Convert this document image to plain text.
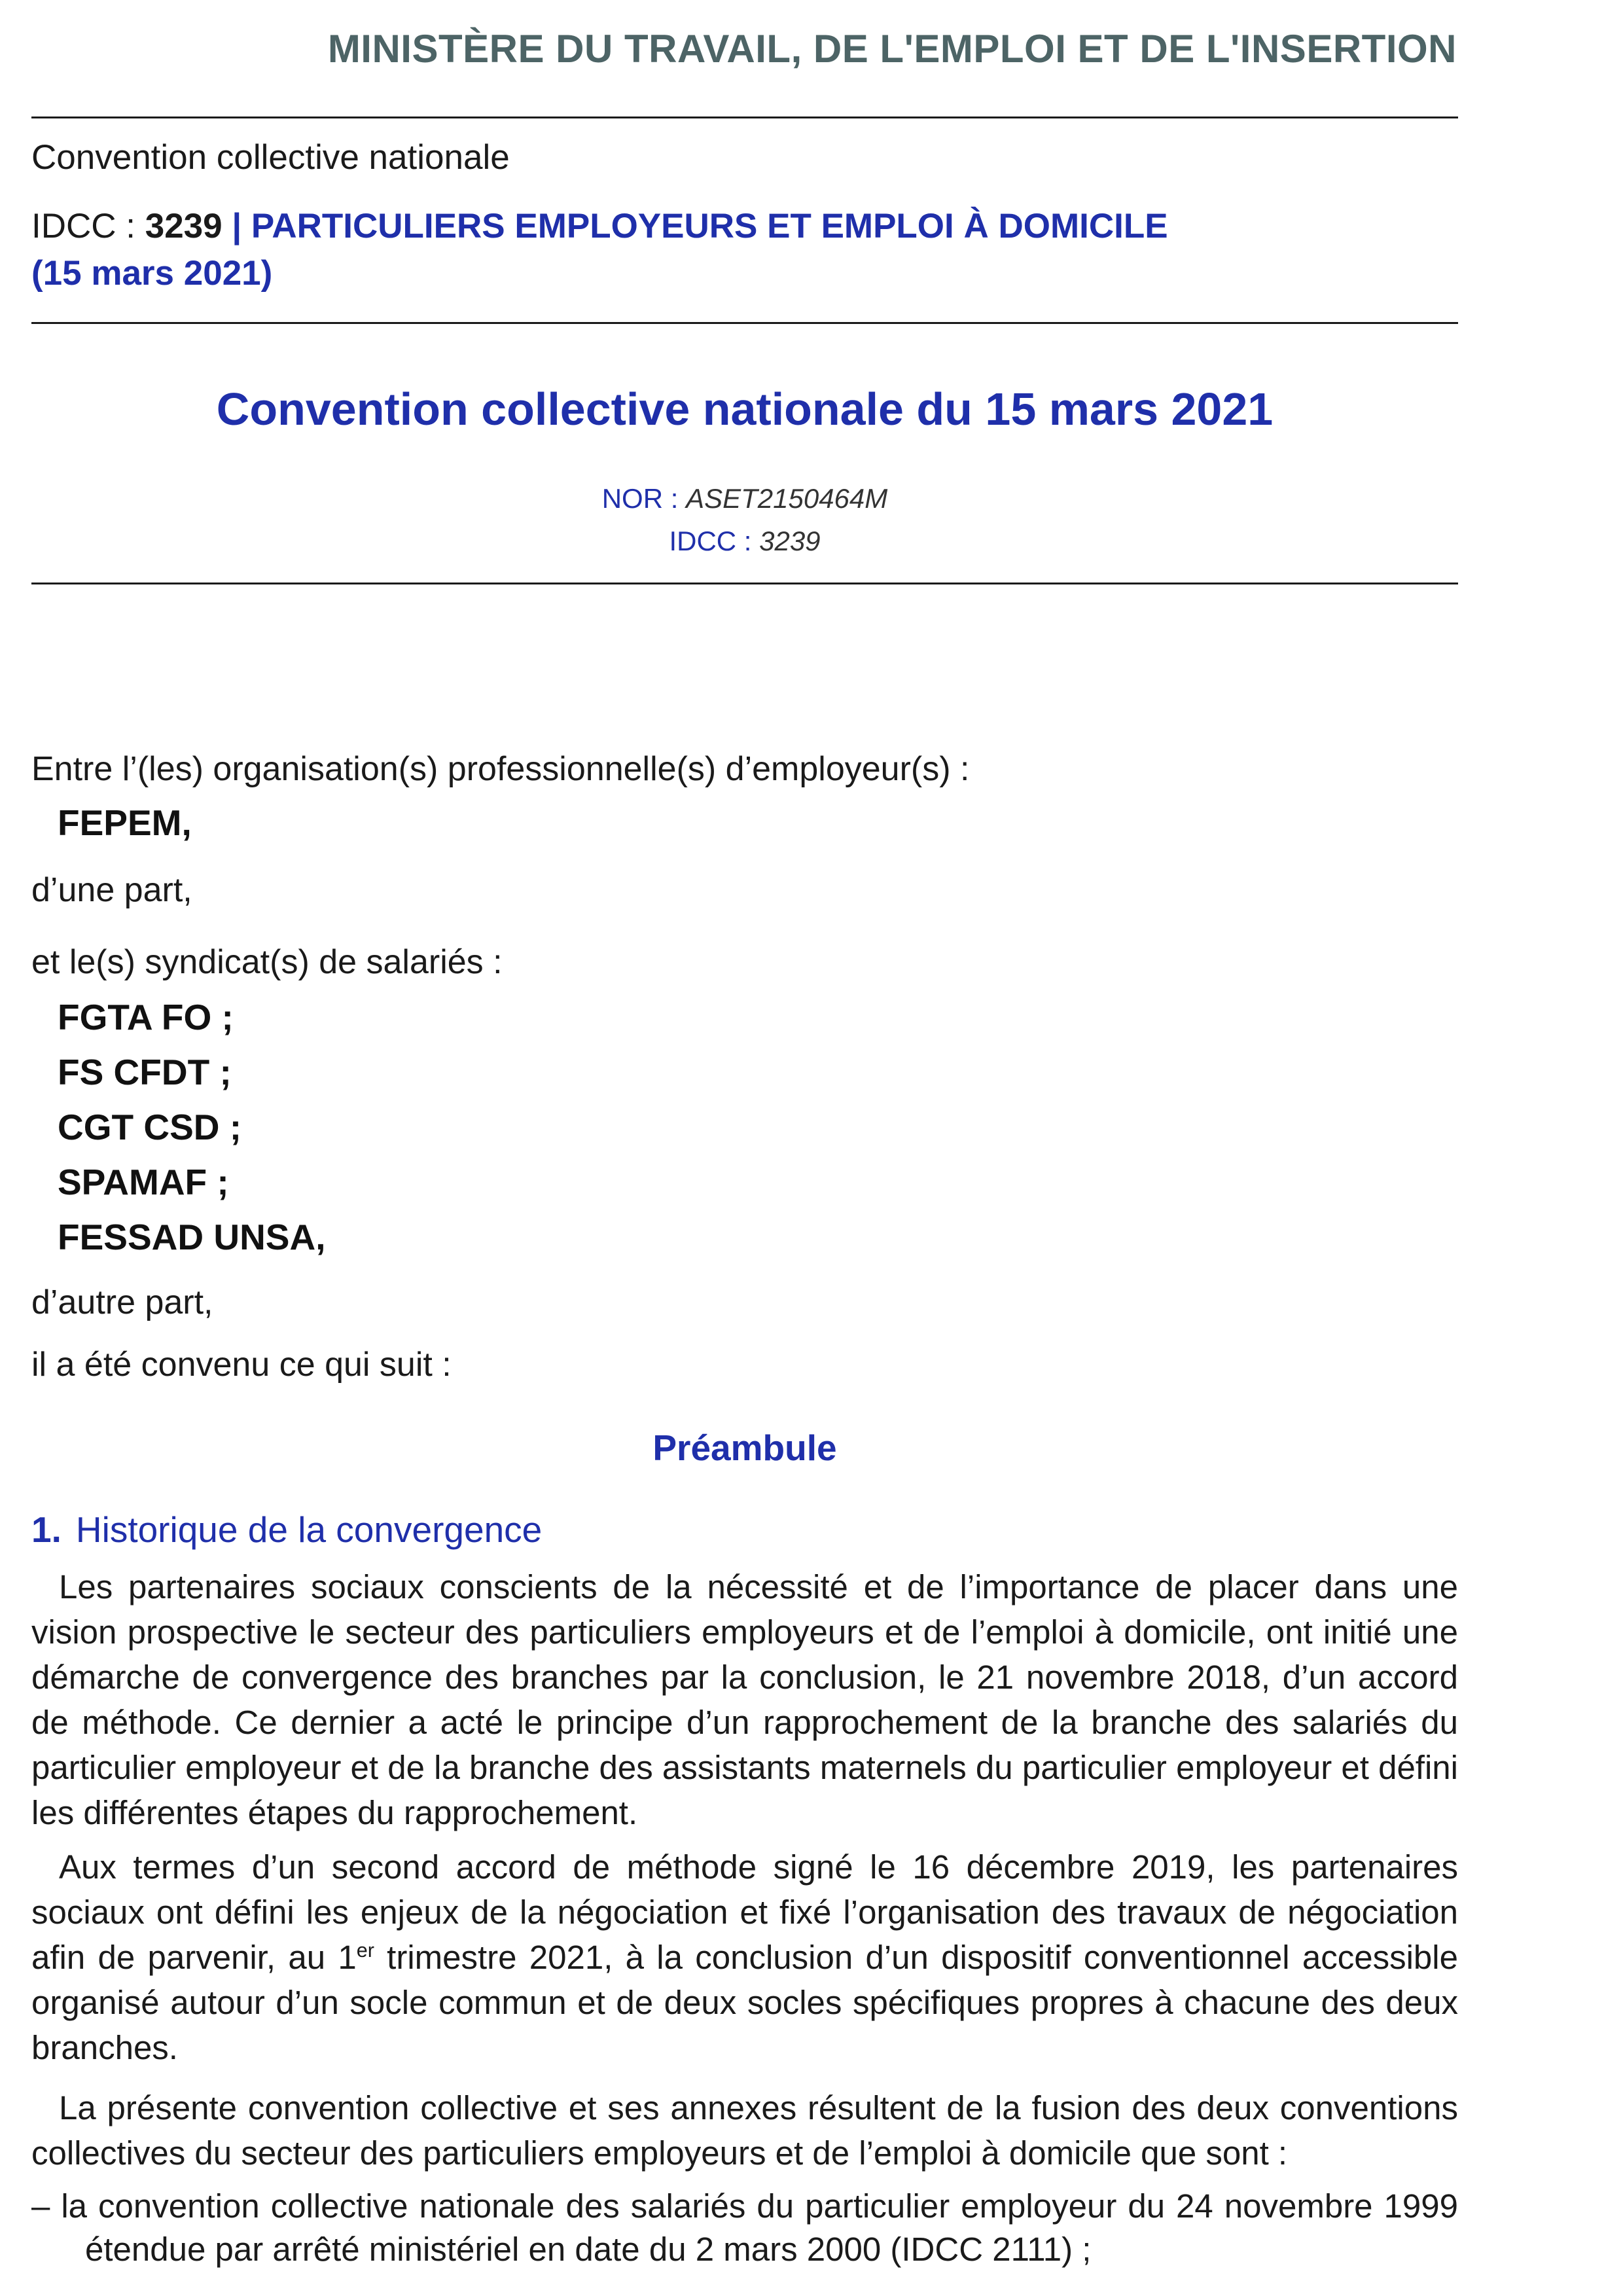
MINISTÈRE DU TRAVAIL, DE L'EMPLOI ET DE L'INSERTION
Convention collective nationale
IDCC : 3239 | PARTICULIERS EMPLOYEURS ET EMPLOI À DOMICILE
(15 mars 2021)
Convention collective nationale du 15 mars 2021
NOR : ASET2150464M
IDCC : 3239
Entre l’(les) organisation(s) professionnelle(s) d’employeur(s) :
FEPEM,
d’une part,
et le(s) syndicat(s) de salariés :
FGTA FO ;
FS CFDT ;
CGT CSD ;
SPAMAF ;
FESSAD UNSA,
d’autre part,
il a été convenu ce qui suit :
Préambule
1. Historique de la convergence
Les partenaires sociaux conscients de la nécessité et de l’importance de placer dans une vision prospective le secteur des particuliers employeurs et de l’emploi à domicile, ont initié une démarche de convergence des branches par la conclusion, le 21 novembre 2018, d’un accord de méthode. Ce dernier a acté le principe d’un rapprochement de la branche des salariés du particulier employeur et de la branche des assistants maternels du particulier employeur et défini les différentes étapes du rapprochement.
Aux termes d’un second accord de méthode signé le 16 décembre 2019, les partenaires sociaux ont défini les enjeux de la négociation et fixé l’organisation des travaux de négociation afin de parvenir, au 1er trimestre 2021, à la conclusion d’un dispositif conventionnel accessible organisé autour d’un socle commun et de deux socles spécifiques propres à chacune des deux branches.
La présente convention collective et ses annexes résultent de la fusion des deux conventions collectives du secteur des particuliers employeurs et de l’emploi à domicile que sont :
– la convention collective nationale des salariés du particulier employeur du 24 novembre 1999 étendue par arrêté ministériel en date du 2 mars 2000 (IDCC 2111) ;
